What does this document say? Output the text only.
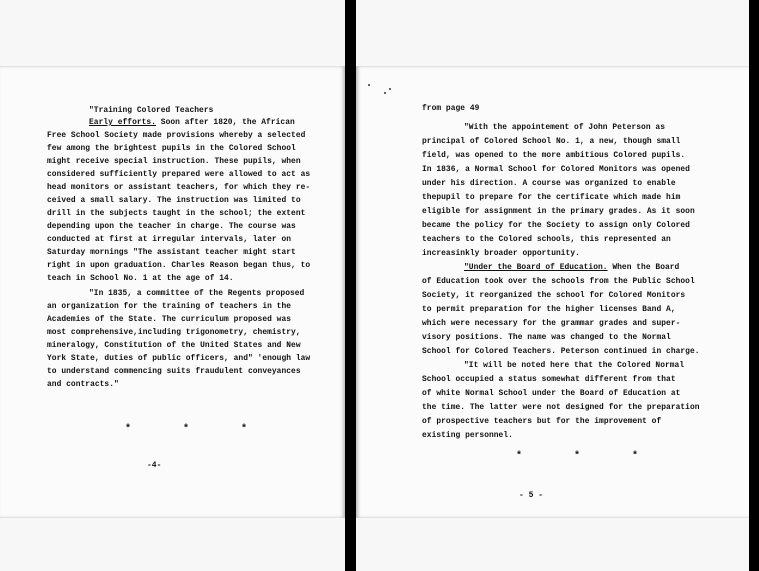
"Training Colored Teachers
Early efforts. Soon after 1820, the African
Free School Society made provisions whereby a selected
few among the brightest pupils in the Colored School
might receive special instruction. These pupils, when
considered sufficiently prepared were allowed to act as
head monitors or assistant teachers, for which they re-
ceived a small salary. The instruction was limited to
drill in the subjects taught in the school; the extent
depending upon the teacher in charge. The course was
conducted at first at irregular intervals, later on
Saturday mornings "The assistant teacher might start
right in upon graduation. Charles Reason began thus, to
teach in School No. 1 at the age of 14.
"In 1835, a committee of the Regents proposed
an organization for the training of teachers in the
Academies of the State. The curriculum proposed was
most comprehensive,including trigonometry, chemistry,
mineralogy, Constitution of the United States and New
York State, duties of public officers, and" 'enough law
to understand commencing suits fraudulent conveyances
and contracts."
* * *
-4-
from page 49
"With the appointement of John Peterson as
principal of Colored School No. 1, a new, though small
field, was opened to the more ambitious Colored pupils.
In 1836, a Normal School for Colored Monitors was opened
under his direction. A course was organized to enable
thepupil to prepare for the certificate which made him
eligible for assignment in the primary grades. As it soon
became the policy for the Society to assign only Colored
teachers to the Colored schools, this represented an
increasinkly broader opportunity.
"Under the Board of Education. When the Board
of Education took over the schools from the Public School
Society, it reorganized the school for Colored Monitors
to permit preparation for the higher licenses Band A,
which were necessary for the grammar grades and super-
visory positions. The name was changed to the Normal
School for Colored Teachers. Peterson continued in charge.
"It will be noted here that the Colored Normal
School occupied a status somewhat different from that
of white Normal School under the Board of Education at
the time. The latter were not designed for the preparation
of prospective teachers but for the improvement of
existing personnel.
* * *
- 5 -
